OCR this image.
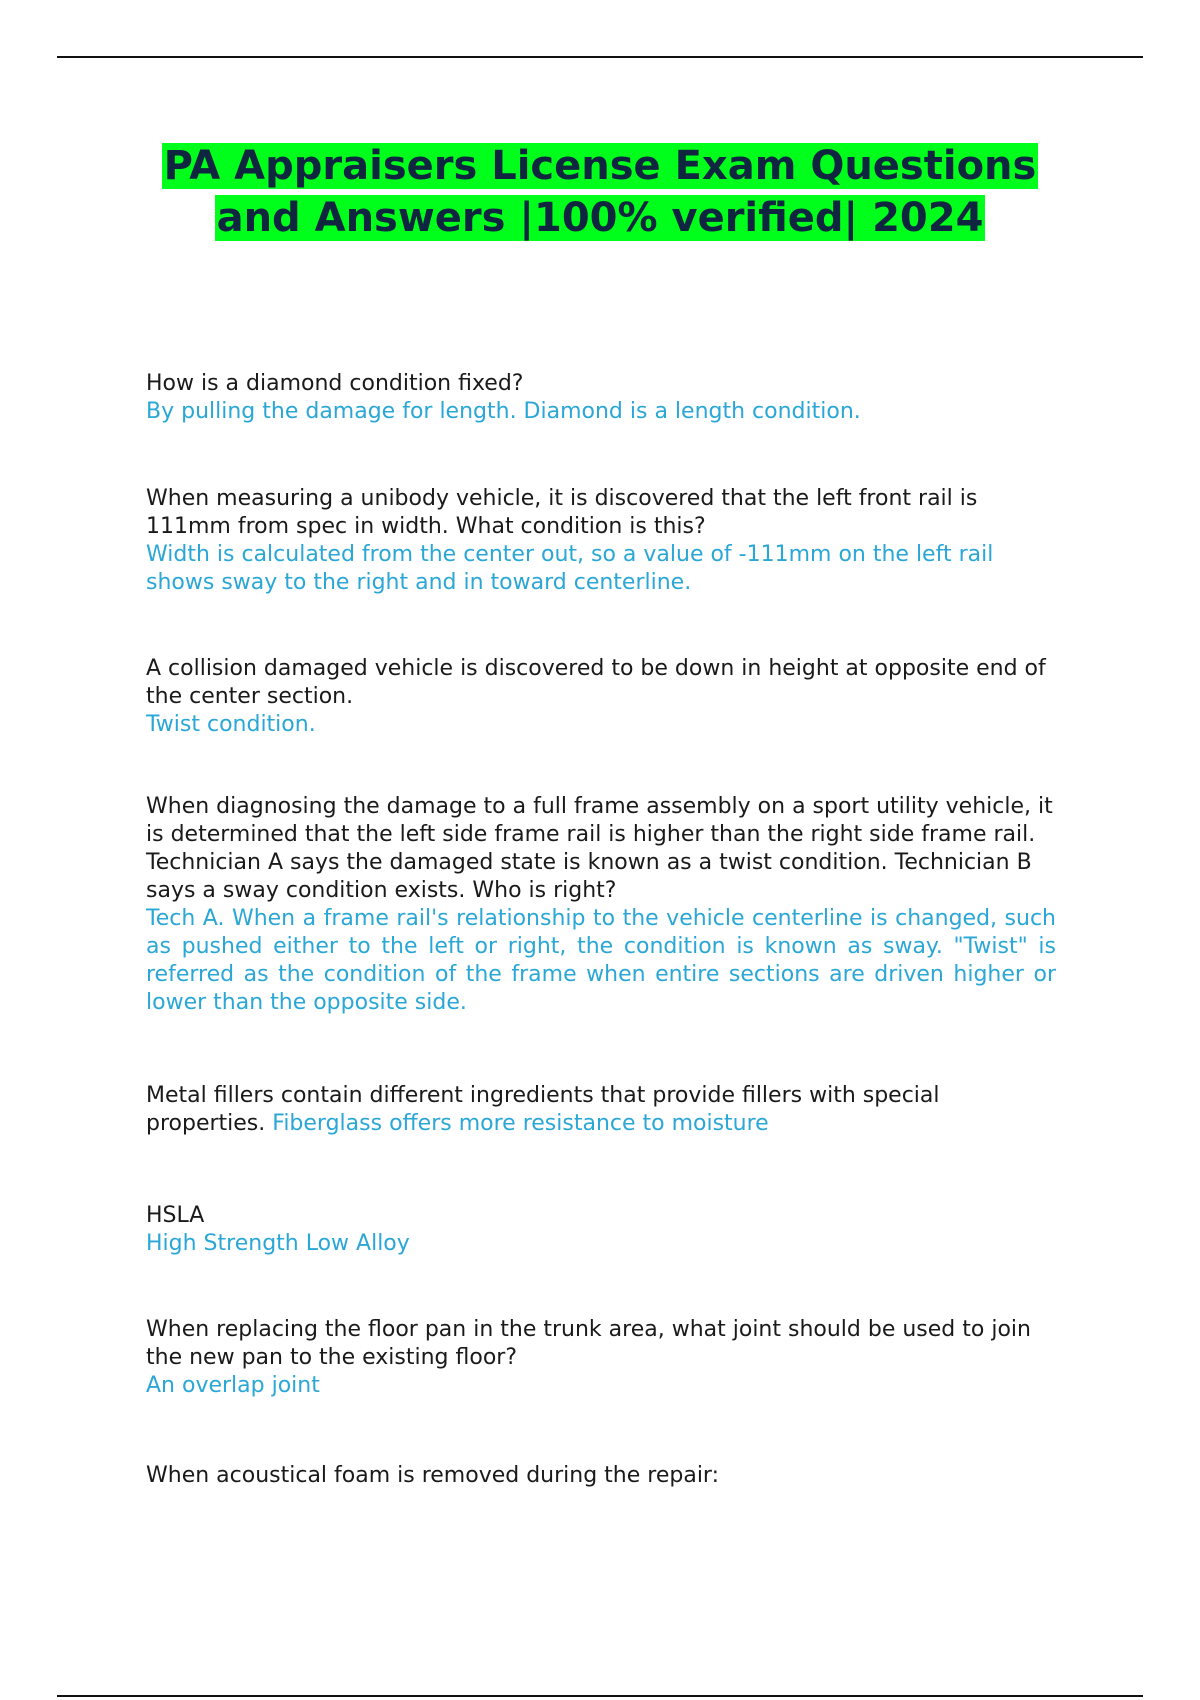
PA Appraisers License Exam Questions and Answers |100% verified| 2024
How is a diamond condition fixed?
By pulling the damage for length. Diamond is a length condition.
When measuring a unibody vehicle, it is discovered that the left front rail is 111mm from spec in width. What condition is this?
Width is calculated from the center out, so a value of -111mm on the left rail shows sway to the right and in toward centerline.
A collision damaged vehicle is discovered to be down in height at opposite end of the center section.
Twist condition.
When diagnosing the damage to a full frame assembly on a sport utility vehicle, it is determined that the left side frame rail is higher than the right side frame rail. Technician A says the damaged state is known as a twist condition. Technician B says a sway condition exists. Who is right?
Tech A. When a frame rail's relationship to the vehicle centerline is changed, such as pushed either to the left or right, the condition is known as sway. "Twist" is referred as the condition of the frame when entire sections are driven higher or lower than the opposite side.
Metal fillers contain different ingredients that provide fillers with special properties. Fiberglass offers more resistance to moisture
HSLA
High Strength Low Alloy
When replacing the floor pan in the trunk area, what joint should be used to join the new pan to the existing floor?
An overlap joint
When acoustical foam is removed during the repair:
